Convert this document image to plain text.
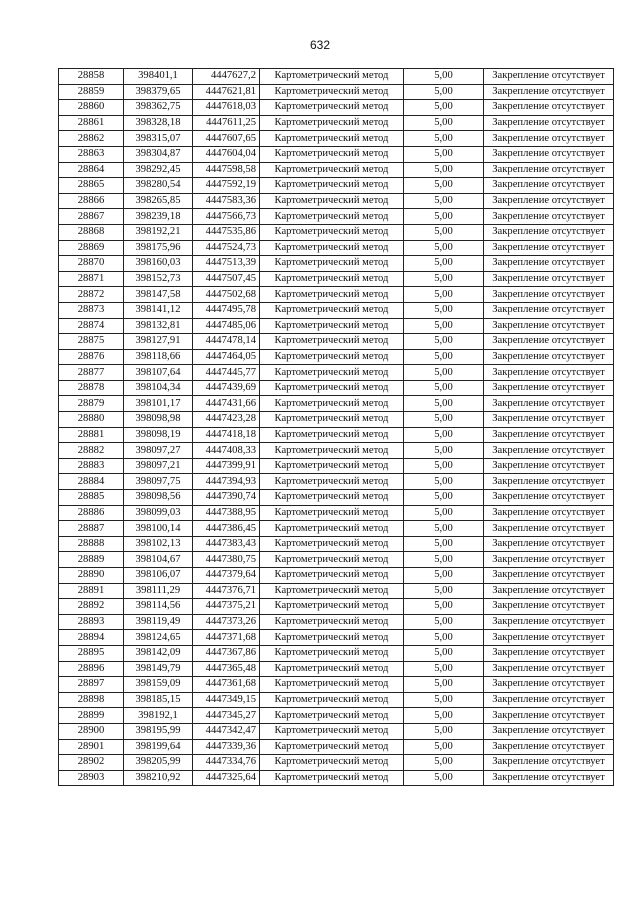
632
28858	398401,1	4447627,2	Картометрический метод	5,00	Закрепление отсутствует
28859	398379,65	4447621,81	Картометрический метод	5,00	Закрепление отсутствует
28860	398362,75	4447618,03	Картометрический метод	5,00	Закрепление отсутствует
28861	398328,18	4447611,25	Картометрический метод	5,00	Закрепление отсутствует
28862	398315,07	4447607,65	Картометрический метод	5,00	Закрепление отсутствует
28863	398304,87	4447604,04	Картометрический метод	5,00	Закрепление отсутствует
28864	398292,45	4447598,58	Картометрический метод	5,00	Закрепление отсутствует
28865	398280,54	4447592,19	Картометрический метод	5,00	Закрепление отсутствует
28866	398265,85	4447583,36	Картометрический метод	5,00	Закрепление отсутствует
28867	398239,18	4447566,73	Картометрический метод	5,00	Закрепление отсутствует
28868	398192,21	4447535,86	Картометрический метод	5,00	Закрепление отсутствует
28869	398175,96	4447524,73	Картометрический метод	5,00	Закрепление отсутствует
28870	398160,03	4447513,39	Картометрический метод	5,00	Закрепление отсутствует
28871	398152,73	4447507,45	Картометрический метод	5,00	Закрепление отсутствует
28872	398147,58	4447502,68	Картометрический метод	5,00	Закрепление отсутствует
28873	398141,12	4447495,78	Картометрический метод	5,00	Закрепление отсутствует
28874	398132,81	4447485,06	Картометрический метод	5,00	Закрепление отсутствует
28875	398127,91	4447478,14	Картометрический метод	5,00	Закрепление отсутствует
28876	398118,66	4447464,05	Картометрический метод	5,00	Закрепление отсутствует
28877	398107,64	4447445,77	Картометрический метод	5,00	Закрепление отсутствует
28878	398104,34	4447439,69	Картометрический метод	5,00	Закрепление отсутствует
28879	398101,17	4447431,66	Картометрический метод	5,00	Закрепление отсутствует
28880	398098,98	4447423,28	Картометрический метод	5,00	Закрепление отсутствует
28881	398098,19	4447418,18	Картометрический метод	5,00	Закрепление отсутствует
28882	398097,27	4447408,33	Картометрический метод	5,00	Закрепление отсутствует
28883	398097,21	4447399,91	Картометрический метод	5,00	Закрепление отсутствует
28884	398097,75	4447394,93	Картометрический метод	5,00	Закрепление отсутствует
28885	398098,56	4447390,74	Картометрический метод	5,00	Закрепление отсутствует
28886	398099,03	4447388,95	Картометрический метод	5,00	Закрепление отсутствует
28887	398100,14	4447386,45	Картометрический метод	5,00	Закрепление отсутствует
28888	398102,13	4447383,43	Картометрический метод	5,00	Закрепление отсутствует
28889	398104,67	4447380,75	Картометрический метод	5,00	Закрепление отсутствует
28890	398106,07	4447379,64	Картометрический метод	5,00	Закрепление отсутствует
28891	398111,29	4447376,71	Картометрический метод	5,00	Закрепление отсутствует
28892	398114,56	4447375,21	Картометрический метод	5,00	Закрепление отсутствует
28893	398119,49	4447373,26	Картометрический метод	5,00	Закрепление отсутствует
28894	398124,65	4447371,68	Картометрический метод	5,00	Закрепление отсутствует
28895	398142,09	4447367,86	Картометрический метод	5,00	Закрепление отсутствует
28896	398149,79	4447365,48	Картометрический метод	5,00	Закрепление отсутствует
28897	398159,09	4447361,68	Картометрический метод	5,00	Закрепление отсутствует
28898	398185,15	4447349,15	Картометрический метод	5,00	Закрепление отсутствует
28899	398192,1	4447345,27	Картометрический метод	5,00	Закрепление отсутствует
28900	398195,99	4447342,47	Картометрический метод	5,00	Закрепление отсутствует
28901	398199,64	4447339,36	Картометрический метод	5,00	Закрепление отсутствует
28902	398205,99	4447334,76	Картометрический метод	5,00	Закрепление отсутствует
28903	398210,92	4447325,64	Картометрический метод	5,00	Закрепление отсутствует
